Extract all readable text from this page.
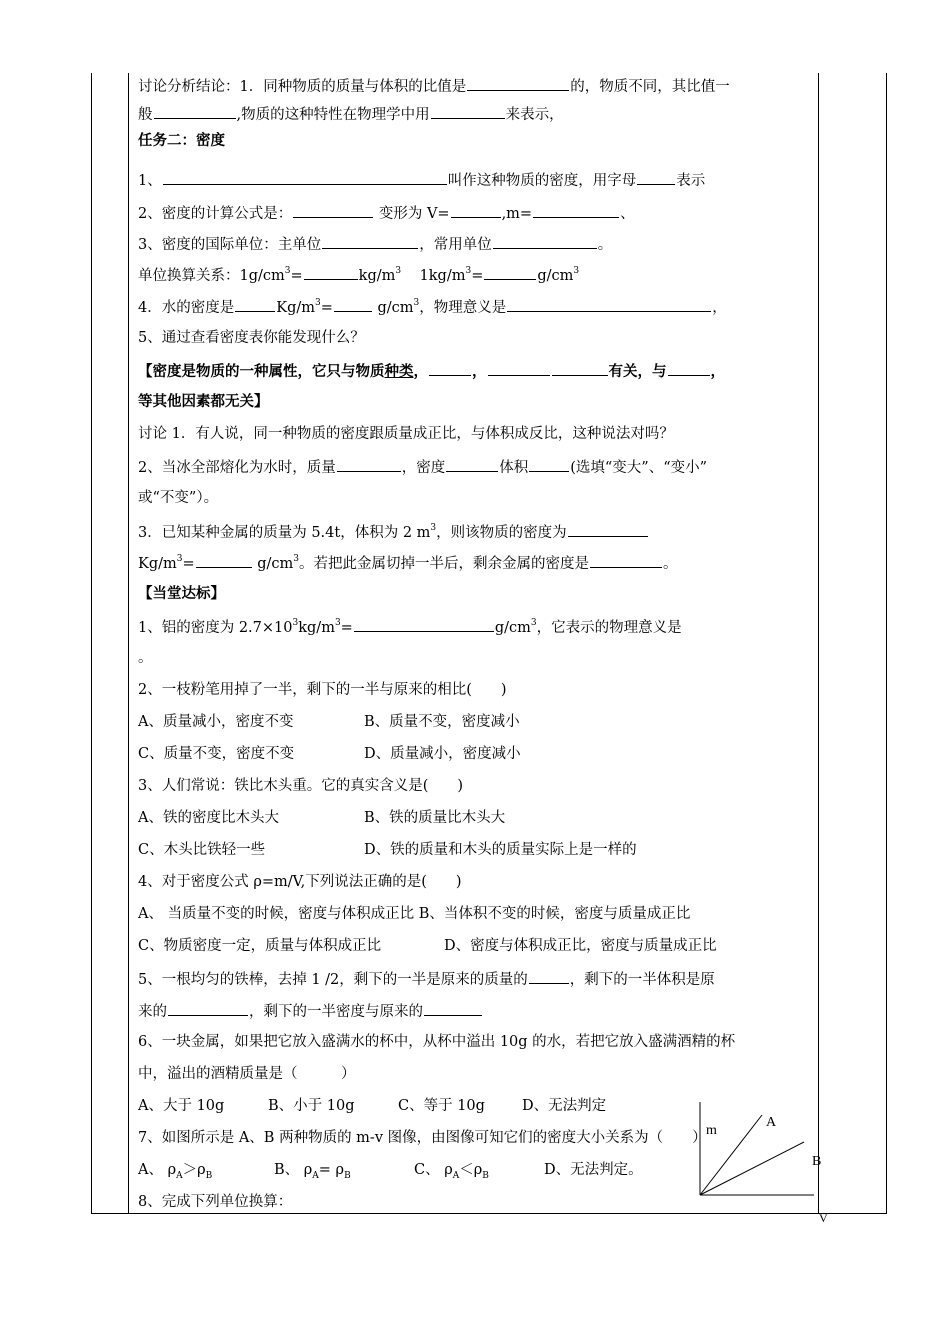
讨论分析结论：1．同种物质的质量与体积的比值是	的，物质不同，其比值一
般	,物质的这种特性在物理学中用	来表示，
任务二：密度
1、	叫作这种物质的密度，用字母	表示
2、密度的计算公式是：	变形为 V=	,m=	、
3、密度的国际单位：主单位	，常用单位	。
单位换算关系：$1g/cm^3=$	$kg/m^3$ $1kg/m^3=$	$g/cm^3$
4．水的密度是	$Kg/m^3=$	$g/cm^3$，物理意义是	，
5、通过查看密度表你能发现什么？
【密度是物质的一种属性，它只与物质种类，	，	有关，与	，
等其他因素都无关】
讨论 1．有人说，同一种物质的密度跟质量成正比，与体积成反比，这种说法对吗？
2、当冰全部熔化为水时，质量	，密度	体积	(选填“变大”、“变小”
或“不变”）。
3．已知某种金属的质量为 5.4t，体积为 2 $m^3$，则该物质的密度为
$Kg/m^3=$	$g/cm^3$。若把此金属切掉一半后，剩余金属的密度是	。
【当堂达标】
1、铝的密度为 $2.7\times 10^3kg/m^3=$	$g/cm^3$，它表示的物理意义是
。
2、一枝粉笔用掉了一半，剩下的一半与原来的相比(　　)
A、质量减小，密度不变	B、质量不变，密度减小
C、质量不变，密度不变	D、质量减小，密度减小
3、人们常说：铁比木头重。它的真实含义是(　　)
A、铁的密度比木头大	B、铁的质量比木头大
C、木头比铁轻一些	D、铁的质量和木头的质量实际上是一样的
4、对于密度公式 ρ=m/V,下列说法正确的是(　　)
A、 当质量不变的时候，密度与体积成正比 B、当体积不变的时候，密度与质量成正比
C、物质密度一定，质量与体积成正比	D、密度与体积成正比，密度与质量成正比
5、一根均匀的铁棒，去掉 1 /2，剩下的一半是原来的质量的	，剩下的一半体积是原
来的	，剩下的一半密度与原来的
6、一块金属，如果把它放入盛满水的杯中，从杯中溢出 10g 的水，若把它放入盛满酒精的杯
中，溢出的酒精质量是（　　　）
A、大于 10g	B、小于 10g	C、等于 10g	D、无法判定
7、如图所示是 A、B 两种物质的 m-v 图像，由图像可知它们的密度大小关系为（　　）
A、 $\rho_A>\rho_B$	B、 $\rho_A= \rho_B$	C、 $\rho_A<\rho_B$	D、无法判定。
8、完成下列单位换算：
m
A
B
V
